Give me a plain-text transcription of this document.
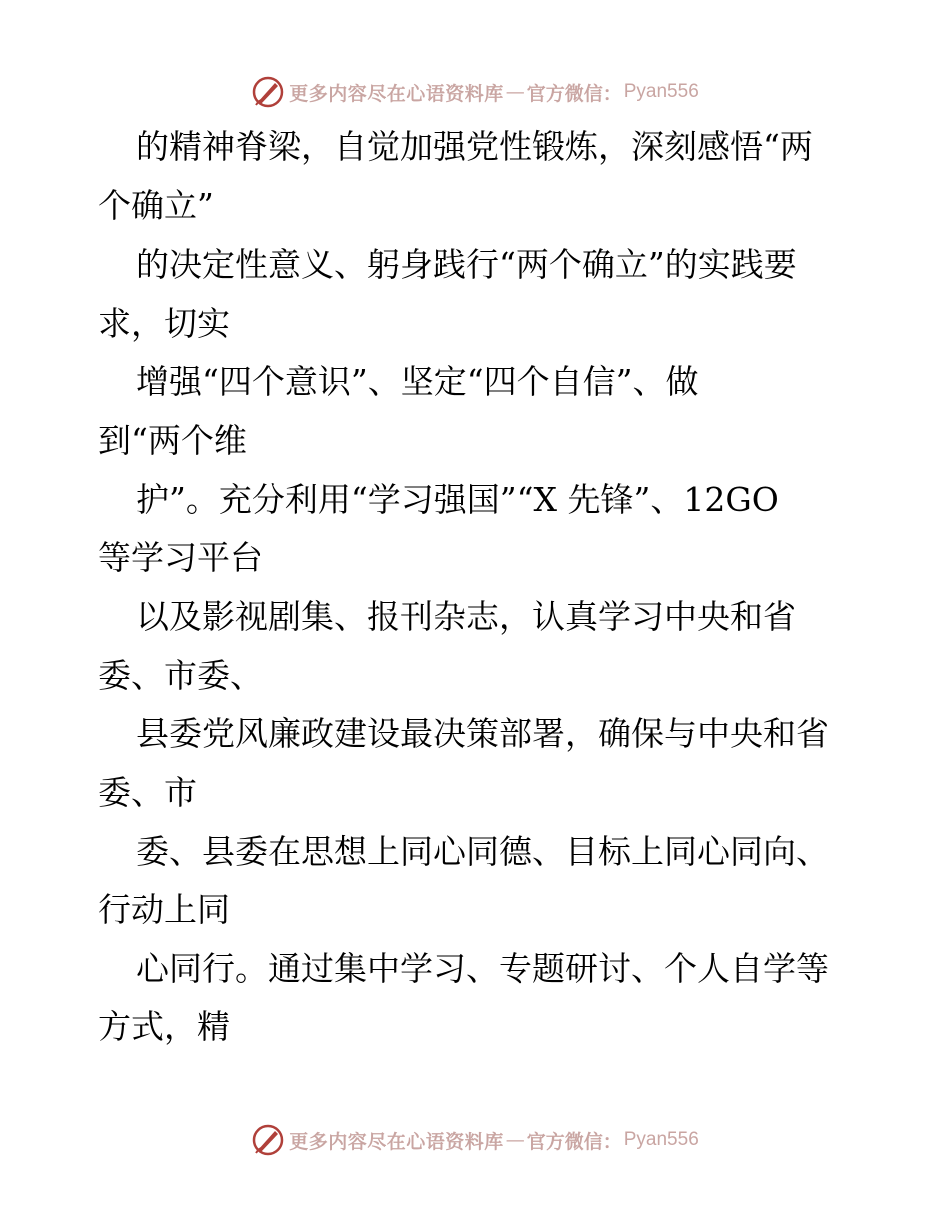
更多内容尽在心语资料库 — 官方微信： Pyan556
的精神脊梁，自觉加强党性锻炼，深刻感悟“两
个确立”
的决定性意义、躬身践行“两个确立”的实践要
求，切实
增强“四个意识”、坚定“四个自信”、做
到“两个维
护”。充分利用“学习强国”“X 先锋”、12GO
等学习平台
以及影视剧集、报刊杂志，认真学习中央和省
委、市委、
县委党风廉政建设最决策部署，确保与中央和省
委、市
委、县委在思想上同心同德、目标上同心同向、
行动上同
心同行。通过集中学习、专题研讨、个人自学等
方式，精
更多内容尽在心语资料库 — 官方微信： Pyan556
